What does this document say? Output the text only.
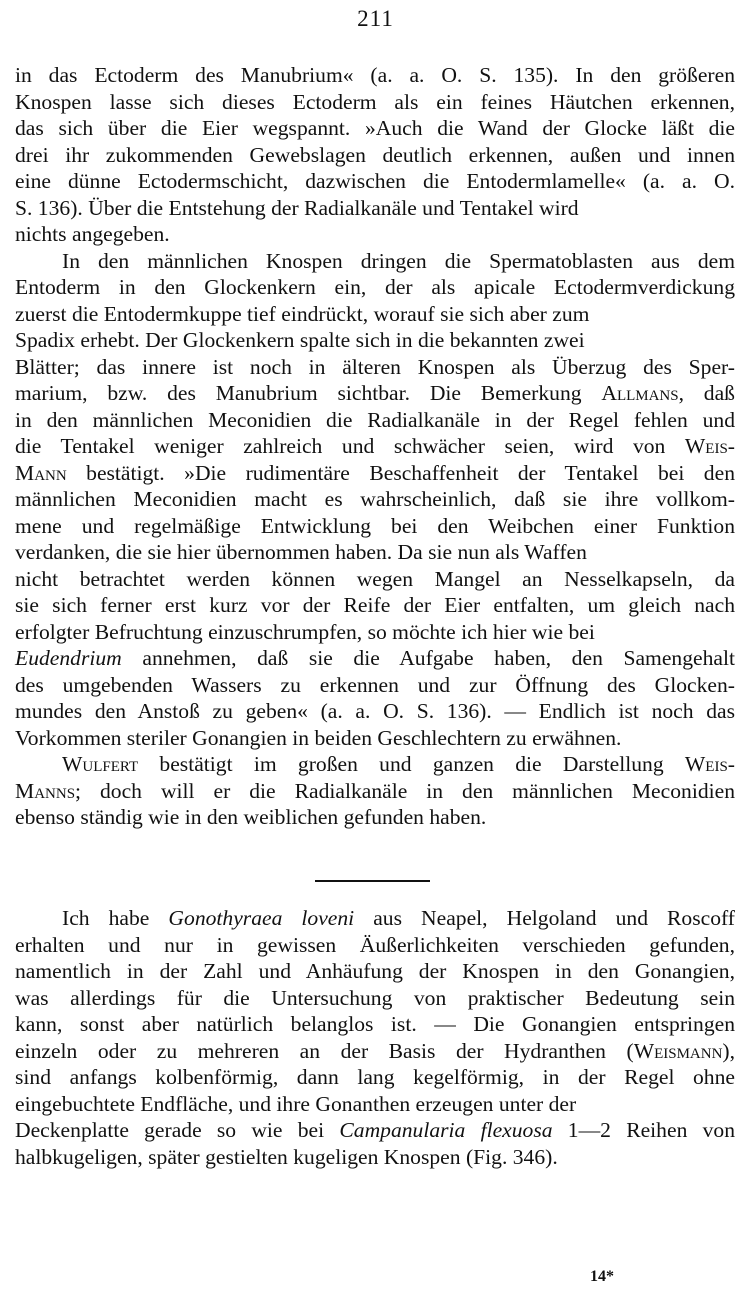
211
in das Ectoderm des Manubrium« (a. a. O. S. 135). In den größeren
Knospen lasse sich dieses Ectoderm als ein feines Häutchen erkennen,
das sich über die Eier wegspannt. »Auch die Wand der Glocke läßt die
drei ihr zukommenden Gewebslagen deutlich erkennen, außen und innen
eine dünne Ectodermschicht, dazwischen die Entodermlamelle« (a. a. O.
S. 136). Über die Entstehung der Radialkanäle und Tentakel wird
nichts angegeben.
In den männlichen Knospen dringen die Spermatoblasten aus dem
Entoderm in den Glockenkern ein, der als apicale Ectodermverdickung
zuerst die Entodermkuppe tief eindrückt, worauf sie sich aber zum
Spadix erhebt. Der Glockenkern spalte sich in die bekannten zwei
Blätter; das innere ist noch in älteren Knospen als Überzug des Sper-
marium, bzw. des Manubrium sichtbar. Die Bemerkung Allmans, daß
in den männlichen Meconidien die Radialkanäle in der Regel fehlen und
die Tentakel weniger zahlreich und schwächer seien, wird von Weis-
Mann bestätigt. »Die rudimentäre Beschaffenheit der Tentakel bei den
männlichen Meconidien macht es wahrscheinlich, daß sie ihre vollkom-
mene und regelmäßige Entwicklung bei den Weibchen einer Funktion
verdanken, die sie hier übernommen haben. Da sie nun als Waffen
nicht betrachtet werden können wegen Mangel an Nesselkapseln, da
sie sich ferner erst kurz vor der Reife der Eier entfalten, um gleich nach
erfolgter Befruchtung einzuschrumpfen, so möchte ich hier wie bei
Eudendrium annehmen, daß sie die Aufgabe haben, den Samengehalt
des umgebenden Wassers zu erkennen und zur Öffnung des Glocken-
mundes den Anstoß zu geben« (a. a. O. S. 136). — Endlich ist noch das
Vorkommen steriler Gonangien in beiden Geschlechtern zu erwähnen.
Wulfert bestätigt im großen und ganzen die Darstellung Weis-
Manns; doch will er die Radialkanäle in den männlichen Meconidien
ebenso ständig wie in den weiblichen gefunden haben.
Ich habe Gonothyraea loveni aus Neapel, Helgoland und Roscoff
erhalten und nur in gewissen Äußerlichkeiten verschieden gefunden,
namentlich in der Zahl und Anhäufung der Knospen in den Gonangien,
was allerdings für die Untersuchung von praktischer Bedeutung sein
kann, sonst aber natürlich belanglos ist. — Die Gonangien entspringen
einzeln oder zu mehreren an der Basis der Hydranthen (Weismann),
sind anfangs kolbenförmig, dann lang kegelförmig, in der Regel ohne
eingebuchtete Endfläche, und ihre Gonanthen erzeugen unter der
Deckenplatte gerade so wie bei Campanularia flexuosa 1—2 Reihen von
halbkugeligen, später gestielten kugeligen Knospen (Fig. 346).
14*
